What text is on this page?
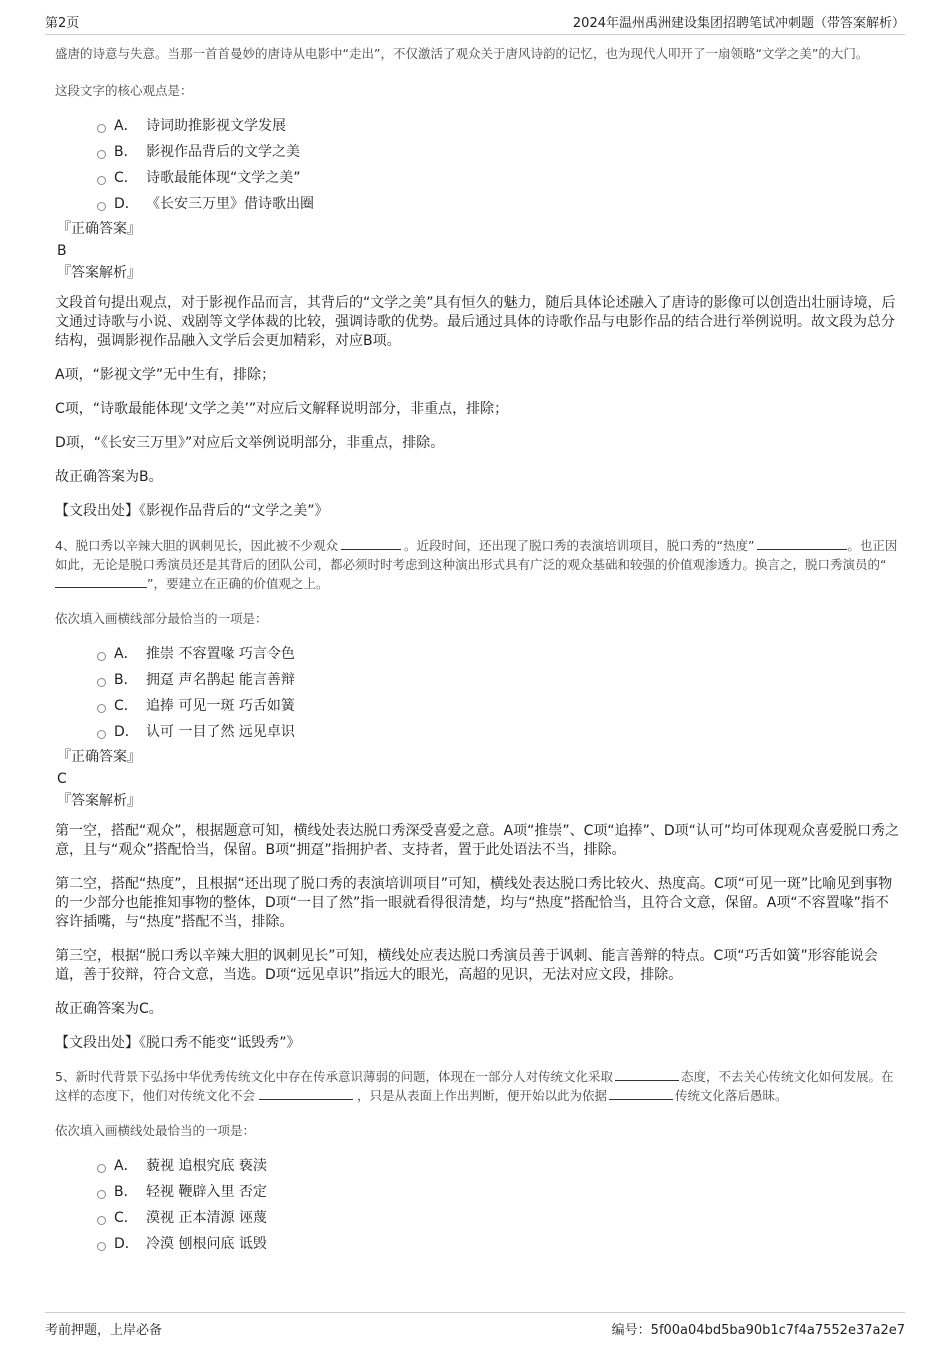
第2页	2024年温州禹洲建设集团招聘笔试冲刺题（带答案解析）

盛唐的诗意与失意。当那一首首曼妙的唐诗从电影中“走出”，不仅激活了观众关于唐风诗韵的记忆，也为现代人叩开了一扇领略“文学之美”的大门。

这段文字的核心观点是：

A． 诗词助推影视文学发展
B． 影视作品背后的文学之美
C． 诗歌最能体现“文学之美”
D． 《长安三万里》借诗歌出圈

『正确答案』

B

『答案解析』

文段首句提出观点，对于影视作品而言，其背后的“文学之美”具有恒久的魅力，随后具体论述融入了唐诗的影像可以创造出壮丽诗境，后文通过诗歌与小说、戏剧等文学体裁的比较，强调诗歌的优势。最后通过具体的诗歌作品与电影作品的结合进行举例说明。故文段为总分结构，强调影视作品融入文学后会更加精彩，对应B项。

A项，“影视文学”无中生有，排除；

C项，“诗歌最能体现‘文学之美’”对应后文解释说明部分，非重点，排除；

D项，“《长安三万里》”对应后文举例说明部分，非重点，排除。

故正确答案为B。

【文段出处】《影视作品背后的“文学之美”》

4、脱口秀以辛辣大胆的讽刺见长，因此被不少观众	。近段时间，还出现了脱口秀的表演培训项目，脱口秀的“热度”	。也正因如此，无论是脱口秀演员还是其背后的团队公司，都必须时时考虑到这种演出形式具有广泛的观众基础和较强的价值观渗透力。换言之，脱口秀演员的“”，要建立在正确的价值观之上。

依次填入画横线部分最恰当的一项是：

A． 推崇 不容置喙 巧言令色
B． 拥趸 声名鹊起 能言善辩
C． 追捧 可见一斑 巧舌如簧
D． 认可 一目了然 远见卓识

『正确答案』

C

『答案解析』

第一空，搭配“观众”，根据题意可知，横线处表达脱口秀深受喜爱之意。A项“推崇”、C项“追捧”、D项“认可”均可体现观众喜爱脱口秀之意，且与“观众”搭配恰当，保留。B项“拥趸”指拥护者、支持者，置于此处语法不当，排除。

第二空，搭配“热度”，且根据“还出现了脱口秀的表演培训项目”可知，横线处表达脱口秀比较火、热度高。C项“可见一斑”比喻见到事物的一少部分也能推知事物的整体，D项“一目了然”指一眼就看得很清楚，均与“热度”搭配恰当，且符合文意，保留。A项“不容置喙”指不容许插嘴，与“热度”搭配不当，排除。

第三空，根据“脱口秀以辛辣大胆的讽刺见长”可知，横线处应表达脱口秀演员善于讽刺、能言善辩的特点。C项“巧舌如簧”形容能说会道，善于狡辩，符合文意，当选。D项“远见卓识”指远大的眼光，高超的见识，无法对应文段，排除。

故正确答案为C。

【文段出处】《脱口秀不能变“诋毁秀”》

5、新时代背景下弘扬中华优秀传统文化中存在传承意识薄弱的问题，体现在一部分人对传统文化采取	态度，不去关心传统文化如何发展。在这样的态度下，他们对传统文化不会	，只是从表面上作出判断，便开始以此为依据	传统文化落后愚昧。

依次填入画横线处最恰当的一项是：

A． 藐视 追根究底 亵渎
B． 轻视 鞭辟入里 否定
C． 漠视 正本清源 诬蔑
D． 冷漠 刨根问底 诋毁
考前押题，上岸必备	编号：5f00a04bd5ba90b1c7f4a7552e37a2e7
